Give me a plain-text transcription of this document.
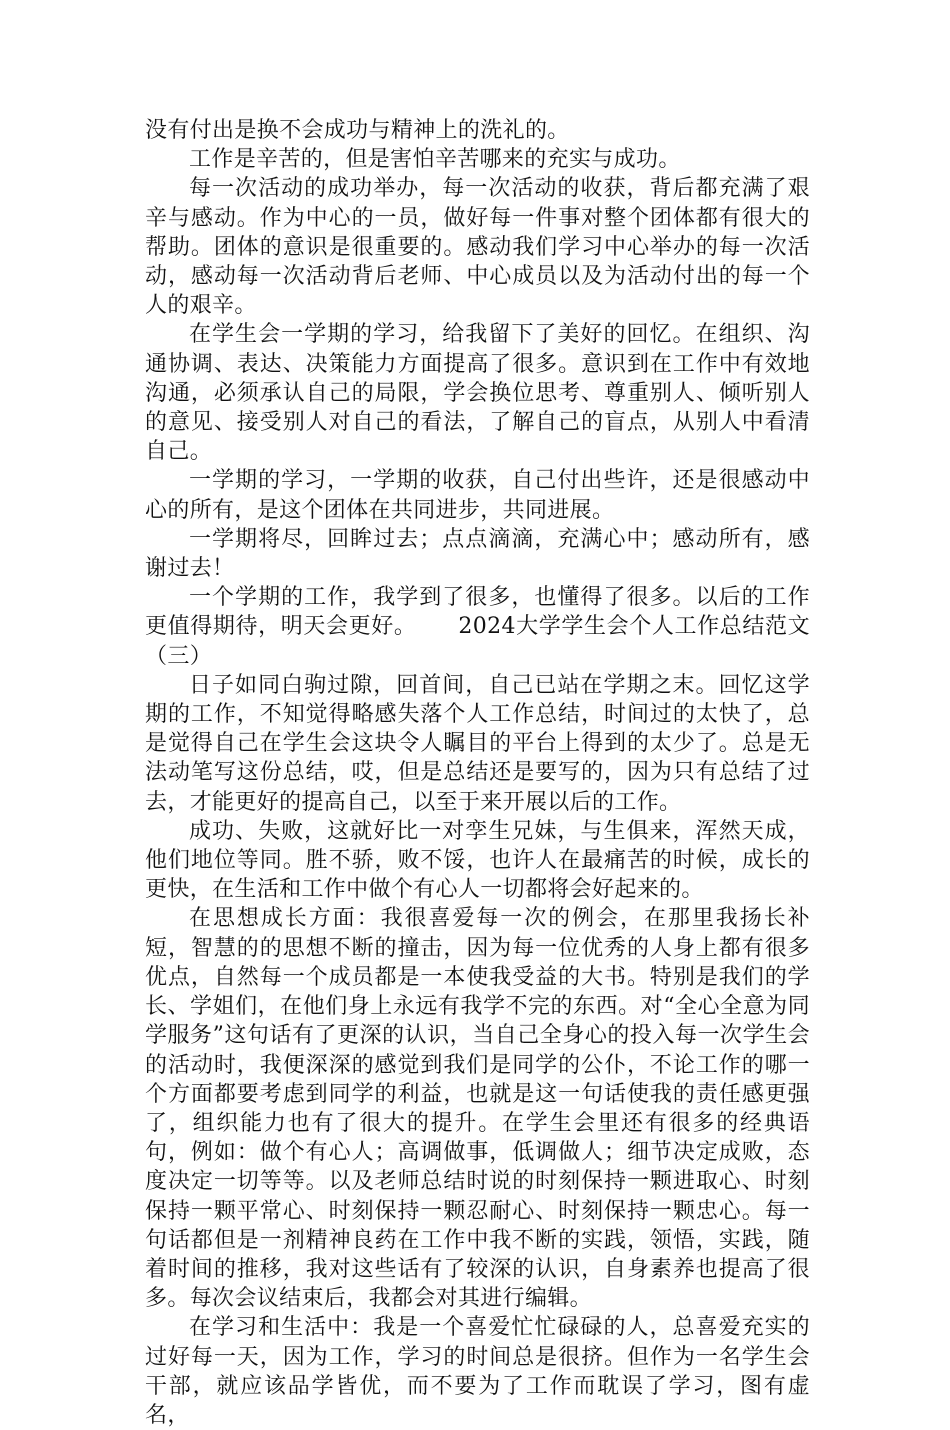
没有付出是换不会成功与精神上的洗礼的。

工作是辛苦的，但是害怕辛苦哪来的充实与成功。

每一次活动的成功举办，每一次活动的收获，背后都充满了艰辛与感动。作为中心的一员，做好每一件事对整个团体都有很大的帮助。团体的意识是很重要的。感动我们学习中心举办的每一次活动，感动每一次活动背后老师、中心成员以及为活动付出的每一个人的艰辛。

在学生会一学期的学习，给我留下了美好的回忆。在组织、沟通协调、表达、决策能力方面提高了很多。意识到在工作中有效地沟通，必须承认自己的局限，学会换位思考、尊重别人、倾听别人的意见、接受别人对自己的看法，了解自己的盲点，从别人中看清自己。

一学期的学习，一学期的收获，自己付出些许，还是很感动中心的所有，是这个团体在共同进步，共同进展。

一学期将尽，回眸过去；点点滴滴，充满心中；感动所有，感谢过去！

一个学期的工作，我学到了很多，也懂得了很多。以后的工作更值得期待，明天会更好。　　 2024大学学生会个人工作总结范文（三）

日子如同白驹过隙，回首间，自己已站在学期之末。回忆这学期的工作，不知觉得略感失落个人工作总结，时间过的太快了，总是觉得自己在学生会这块令人瞩目的平台上得到的太少了。总是无法动笔写这份总结，哎，但是总结还是要写的，因为只有总结了过去，才能更好的提高自己，以至于来开展以后的工作。

成功、失败，这就好比一对孪生兄妹，与生俱来，浑然天成，他们地位等同。胜不骄，败不馁，也许人在最痛苦的时候，成长的更快，在生活和工作中做个有心人一切都将会好起来的。

在思想成长方面：我很喜爱每一次的例会，在那里我扬长补短，智慧的的思想不断的撞击，因为每一位优秀的人身上都有很多优点，自然每一个成员都是一本使我受益的大书。特别是我们的学长、学姐们，在他们身上永远有我学不完的东西。对“全心全意为同学服务”这句话有了更深的认识，当自己全身心的投入每一次学生会的活动时，我便深深的感觉到我们是同学的公仆，不论工作的哪一个方面都要考虑到同学的利益，也就是这一句话使我的责任感更强了，组织能力也有了很大的提升。在学生会里还有很多的经典语句，例如：做个有心人；高调做事，低调做人；细节决定成败，态度决定一切等等。以及老师总结时说的时刻保持一颗进取心、时刻保持一颗平常心、时刻保持一颗忍耐心、时刻保持一颗忠心。每一句话都但是一剂精神良药在工作中我不断的实践，领悟，实践，随着时间的推移，我对这些话有了较深的认识，自身素养也提高了很多。每次会议结束后，我都会对其进行编辑。

在学习和生活中：我是一个喜爱忙忙碌碌的人，总喜爱充实的过好每一天，因为工作，学习的时间总是很挤。但作为一名学生会干部，就应该品学皆优，而不要为了工作而耽误了学习，图有虚名，
